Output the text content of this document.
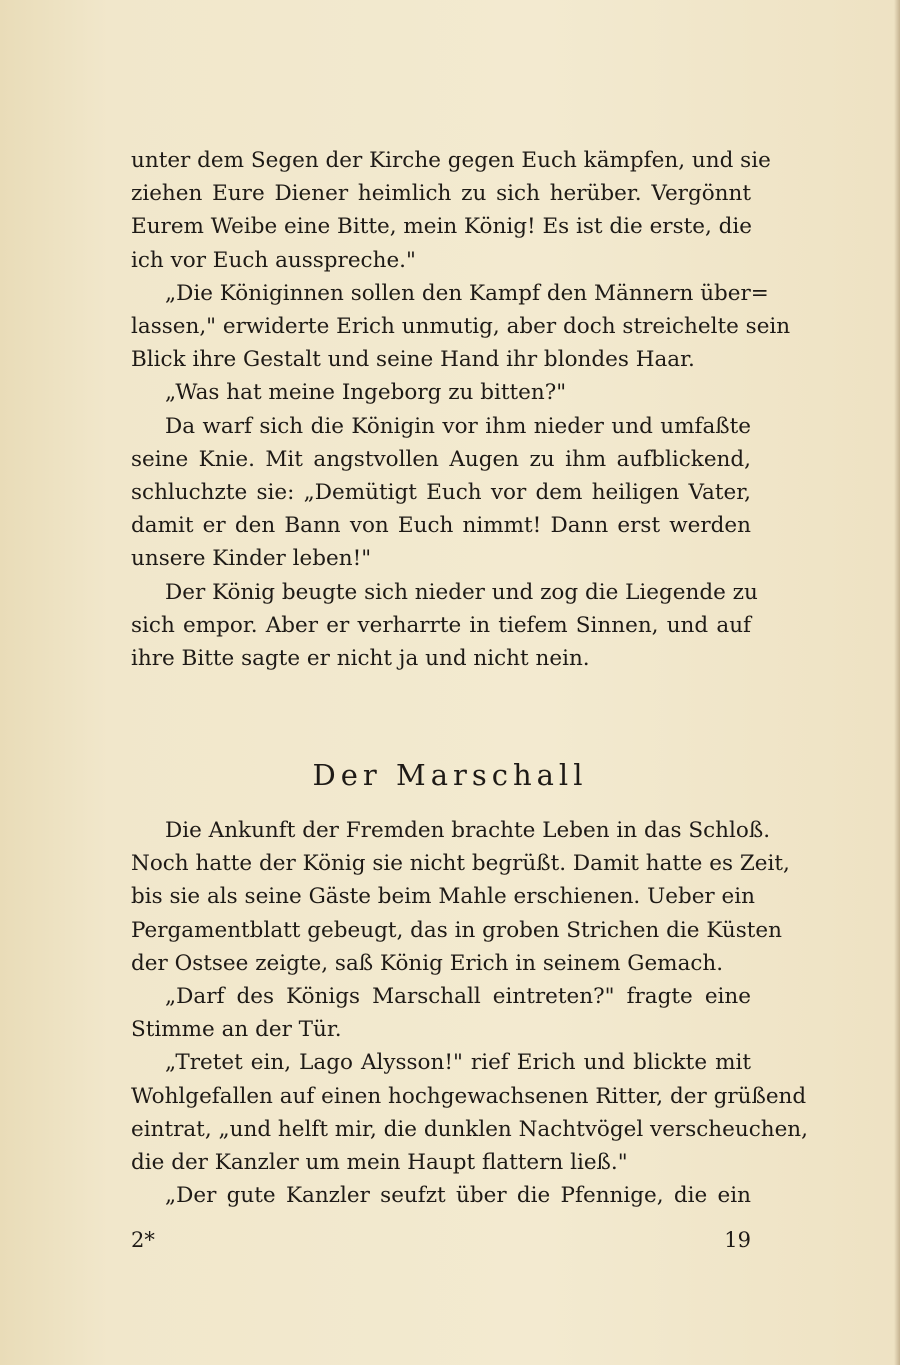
unter dem Segen der Kirche gegen Euch kämpfen, und sie
ziehen Eure Diener heimlich zu sich herüber. Vergönnt
Eurem Weibe eine Bitte, mein König! Es ist die erste, die
ich vor Euch ausspreche."
„Die Königinnen sollen den Kampf den Männern über=
lassen," erwiderte Erich unmutig, aber doch streichelte sein
Blick ihre Gestalt und seine Hand ihr blondes Haar.
„Was hat meine Ingeborg zu bitten?"
Da warf sich die Königin vor ihm nieder und umfaßte
seine Knie. Mit angstvollen Augen zu ihm aufblickend,
schluchzte sie: „Demütigt Euch vor dem heiligen Vater,
damit er den Bann von Euch nimmt! Dann erst werden
unsere Kinder leben!"
Der König beugte sich nieder und zog die Liegende zu
sich empor. Aber er verharrte in tiefem Sinnen, und auf
ihre Bitte sagte er nicht ja und nicht nein.
Der Marschall
Die Ankunft der Fremden brachte Leben in das Schloß.
Noch hatte der König sie nicht begrüßt. Damit hatte es Zeit,
bis sie als seine Gäste beim Mahle erschienen. Ueber ein
Pergamentblatt gebeugt, das in groben Strichen die Küsten
der Ostsee zeigte, saß König Erich in seinem Gemach.
„Darf des Königs Marschall eintreten?" fragte eine
Stimme an der Tür.
„Tretet ein, Lago Alysson!" rief Erich und blickte mit
Wohlgefallen auf einen hochgewachsenen Ritter, der grüßend
eintrat, „und helft mir, die dunklen Nachtvögel verscheuchen,
die der Kanzler um mein Haupt flattern ließ."
„Der gute Kanzler seufzt über die Pfennige, die ein
2*	19
